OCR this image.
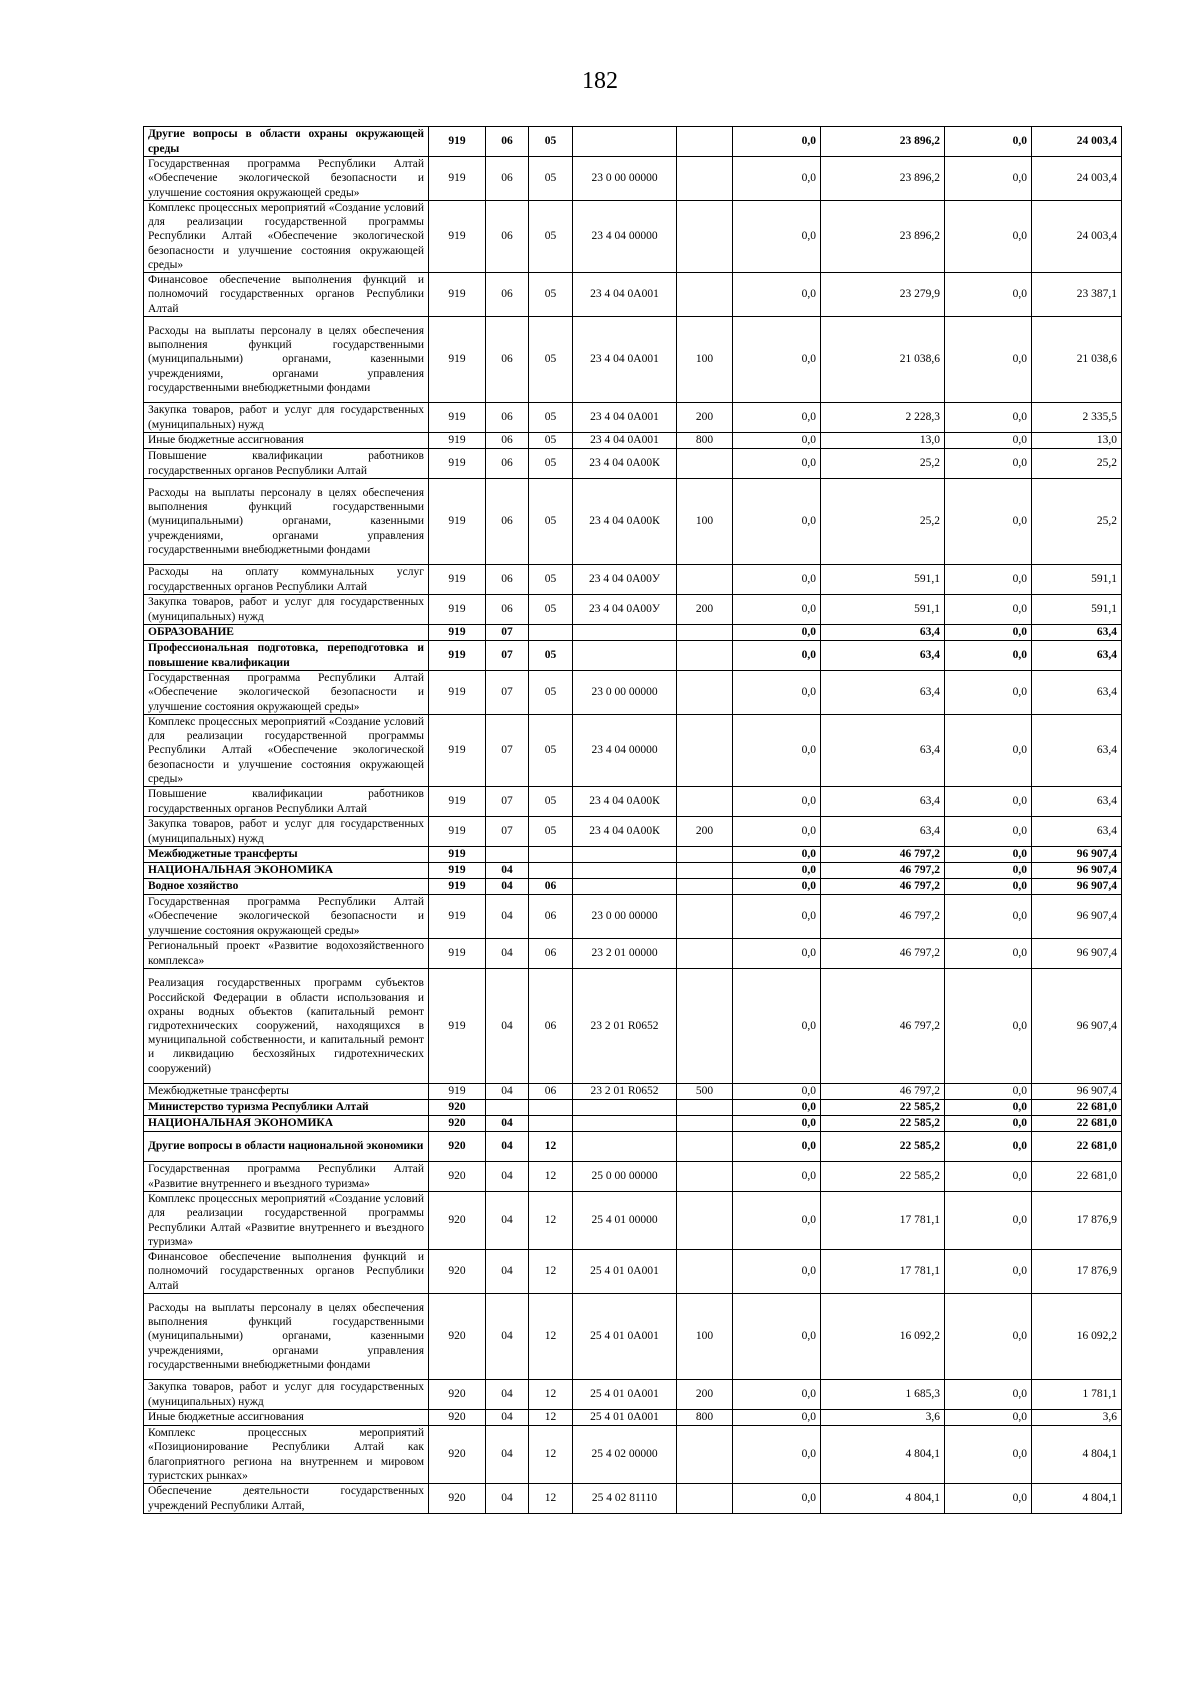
182
Другие вопросы в области охраны окружающей среды	919	06	05			0,0	23 896,2	0,0	24 003,4
Государственная программа Республики Алтай «Обеспечение экологической безопасности и улучшение состояния окружающей среды»	919	06	05	23 0 00 00000		0,0	23 896,2	0,0	24 003,4
Комплекс процессных мероприятий «Создание условий для реализации государственной программы Республики Алтай «Обеспечение экологической безопасности и улучшение состояния окружающей среды»	919	06	05	23 4 04 00000		0,0	23 896,2	0,0	24 003,4
Финансовое обеспечение выполнения функций и полномочий государственных органов Республики Алтай	919	06	05	23 4 04 0А001		0,0	23 279,9	0,0	23 387,1
Расходы на выплаты персоналу в целях обеспечения выполнения функций государственными (муниципальными) органами, казенными учреждениями, органами управления государственными внебюджетными фондами	919	06	05	23 4 04 0А001	100	0,0	21 038,6	0,0	21 038,6
Закупка товаров, работ и услуг для государственных (муниципальных) нужд	919	06	05	23 4 04 0А001	200	0,0	2 228,3	0,0	2 335,5
Иные бюджетные ассигнования	919	06	05	23 4 04 0А001	800	0,0	13,0	0,0	13,0
Повышение квалификации работников государственных органов Республики Алтай	919	06	05	23 4 04 0А00К		0,0	25,2	0,0	25,2
Расходы на выплаты персоналу в целях обеспечения выполнения функций государственными (муниципальными) органами, казенными учреждениями, органами управления государственными внебюджетными фондами	919	06	05	23 4 04 0А00К	100	0,0	25,2	0,0	25,2
Расходы на оплату коммунальных услуг государственных органов Республики Алтай	919	06	05	23 4 04 0А00У		0,0	591,1	0,0	591,1
Закупка товаров, работ и услуг для государственных (муниципальных) нужд	919	06	05	23 4 04 0А00У	200	0,0	591,1	0,0	591,1
ОБРАЗОВАНИЕ	919	07				0,0	63,4	0,0	63,4
Профессиональная подготовка, переподготовка и повышение квалификации	919	07	05			0,0	63,4	0,0	63,4
Государственная программа Республики Алтай «Обеспечение экологической безопасности и улучшение состояния окружающей среды»	919	07	05	23 0 00 00000		0,0	63,4	0,0	63,4
Комплекс процессных мероприятий «Создание условий для реализации государственной программы Республики Алтай «Обеспечение экологической безопасности и улучшение состояния окружающей среды»	919	07	05	23 4 04 00000		0,0	63,4	0,0	63,4
Повышение квалификации работников государственных органов Республики Алтай	919	07	05	23 4 04 0А00К		0,0	63,4	0,0	63,4
Закупка товаров, работ и услуг для государственных (муниципальных) нужд	919	07	05	23 4 04 0А00К	200	0,0	63,4	0,0	63,4
Межбюджетные трансферты	919					0,0	46 797,2	0,0	96 907,4
НАЦИОНАЛЬНАЯ ЭКОНОМИКА	919	04				0,0	46 797,2	0,0	96 907,4
Водное хозяйство	919	04	06			0,0	46 797,2	0,0	96 907,4
Государственная программа Республики Алтай «Обеспечение экологической безопасности и улучшение состояния окружающей среды»	919	04	06	23 0 00 00000		0,0	46 797,2	0,0	96 907,4
Региональный проект «Развитие водохозяйственного комплекса»	919	04	06	23 2 01 00000		0,0	46 797,2	0,0	96 907,4
Реализация государственных программ субъектов Российской Федерации в области использования и охраны водных объектов (капитальный ремонт гидротехнических сооружений, находящихся в муниципальной собственности, и капитальный ремонт и ликвидацию бесхозяйных гидротехнических сооружений)	919	04	06	23 2 01 R0652		0,0	46 797,2	0,0	96 907,4
Межбюджетные трансферты	919	04	06	23 2 01 R0652	500	0,0	46 797,2	0,0	96 907,4
Министерство туризма Республики Алтай	920					0,0	22 585,2	0,0	22 681,0
НАЦИОНАЛЬНАЯ ЭКОНОМИКА	920	04				0,0	22 585,2	0,0	22 681,0
Другие вопросы в области национальной экономики	920	04	12			0,0	22 585,2	0,0	22 681,0
Государственная программа Республики Алтай «Развитие внутреннего и въездного туризма»	920	04	12	25 0 00 00000		0,0	22 585,2	0,0	22 681,0
Комплекс процессных мероприятий «Создание условий для реализации государственной программы Республики Алтай «Развитие внутреннего и въездного туризма»	920	04	12	25 4 01 00000		0,0	17 781,1	0,0	17 876,9
Финансовое обеспечение выполнения функций и полномочий государственных органов Республики Алтай	920	04	12	25 4 01 0А001		0,0	17 781,1	0,0	17 876,9
Расходы на выплаты персоналу в целях обеспечения выполнения функций государственными (муниципальными) органами, казенными учреждениями, органами управления государственными внебюджетными фондами	920	04	12	25 4 01 0А001	100	0,0	16 092,2	0,0	16 092,2
Закупка товаров, работ и услуг для государственных (муниципальных) нужд	920	04	12	25 4 01 0А001	200	0,0	1 685,3	0,0	1 781,1
Иные бюджетные ассигнования	920	04	12	25 4 01 0А001	800	0,0	3,6	0,0	3,6
Комплекс процессных мероприятий «Позиционирование Республики Алтай как благоприятного региона на внутреннем и мировом туристских рынках»	920	04	12	25 4 02 00000		0,0	4 804,1	0,0	4 804,1
Обеспечение деятельности государственных учреждений Республики Алтай,	920	04	12	25 4 02 81110		0,0	4 804,1	0,0	4 804,1
